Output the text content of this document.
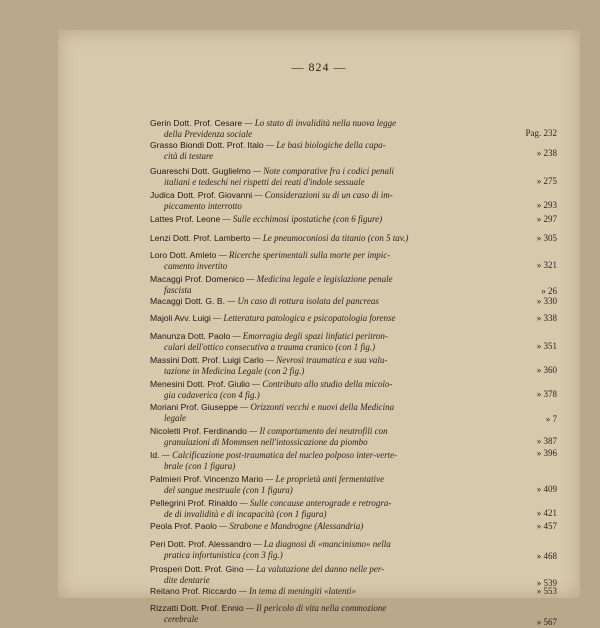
— 824 —
Gerin Dott. Prof. Cesare — Lo stato di invalidità nella nuova legge
della Previdenza sociale	Pag. 232
Grasso Biondi Dott. Prof. Italo — Le basi biologiche della capa-
cità di testare	» 238
Guareschi Dott. Guglielmo — Note comparative fra i codici penali
italiani e tedeschi nei rispetti dei reati d'indole sessuale	» 275
Judica Dott. Prof. Giovanni — Considerazioni su di un caso di im-
piccamento interrotto	» 293
Lattes Prof. Leone — Sulle ecchimosi ipostatiche (con 6 figure)	» 297
Lenzi Dott. Prof. Lamberto — Le pneumoconiosi da titanio (con 5 tav.)	» 305
Loro Dott. Amleto — Ricerche sperimentali sulla morte per impic-
camento invertito	» 321
Macaggi Prof. Domenico — Medicina legale e legislazione penale
fascista	» 26
Macaggi Dott. G. B. — Un caso di rottura isolata del pancreas	» 330
Majoli Avv. Luigi — Letteratura patologica e psicopatologia forense	» 338
Manunza Dott. Paolo — Emorragia degli spazi linfatici peritron-
culari dell'ottico consecutiva a trauma cranico (con 1 fig.)	» 351
Massini Dott. Prof. Luigi Carlo — Nevrosi traumatica e sua valu-
tazione in Medicina Legale (con 2 fig.)	» 360
Menesini Dott. Prof. Giulio — Contributo allo studio della micolo-
gia cadaverica (con 4 fig.)	» 378
Moriani Prof. Giuseppe — Orizzonti vecchi e nuovi della Medicina
legale	» 7
Nicoletti Prof. Ferdinando — Il comportamento dei neutrofili con
granulazioni di Mommsen nell'intossicazione da piombo	» 387
Id. — Calcificazione post-traumatica del nucleo polposo inter-verte-
brale (con 1 figura)
» 396
Palmieri Prof. Vincenzo Mario — Le proprietà anti fermentative
del sangue mestruale (con 1 figura)	» 409
Pellegrini Prof. Rinaldo — Sulle concause anterograde e retrogra-
de di invalidità e di incapacità (con 1 figura)	» 421
Peola Prof. Paolo — Strabone e Mandrogne (Alessandria)	» 457
Peri Dott. Prof. Alessandro — La diagnosi di «mancinismo» nella
pratica infortunistica (con 3 fig.)	» 468
Prosperi Dott. Prof. Gino — La valutazione del danno nelle per-
dite dentarie	» 539
Reitano Prof. Riccardo — In tema di meningiti «latenti»	» 553
Rizzatti Dott. Prof. Ennio — Il pericolo di vita nella commozione
cerebrale	» 567
